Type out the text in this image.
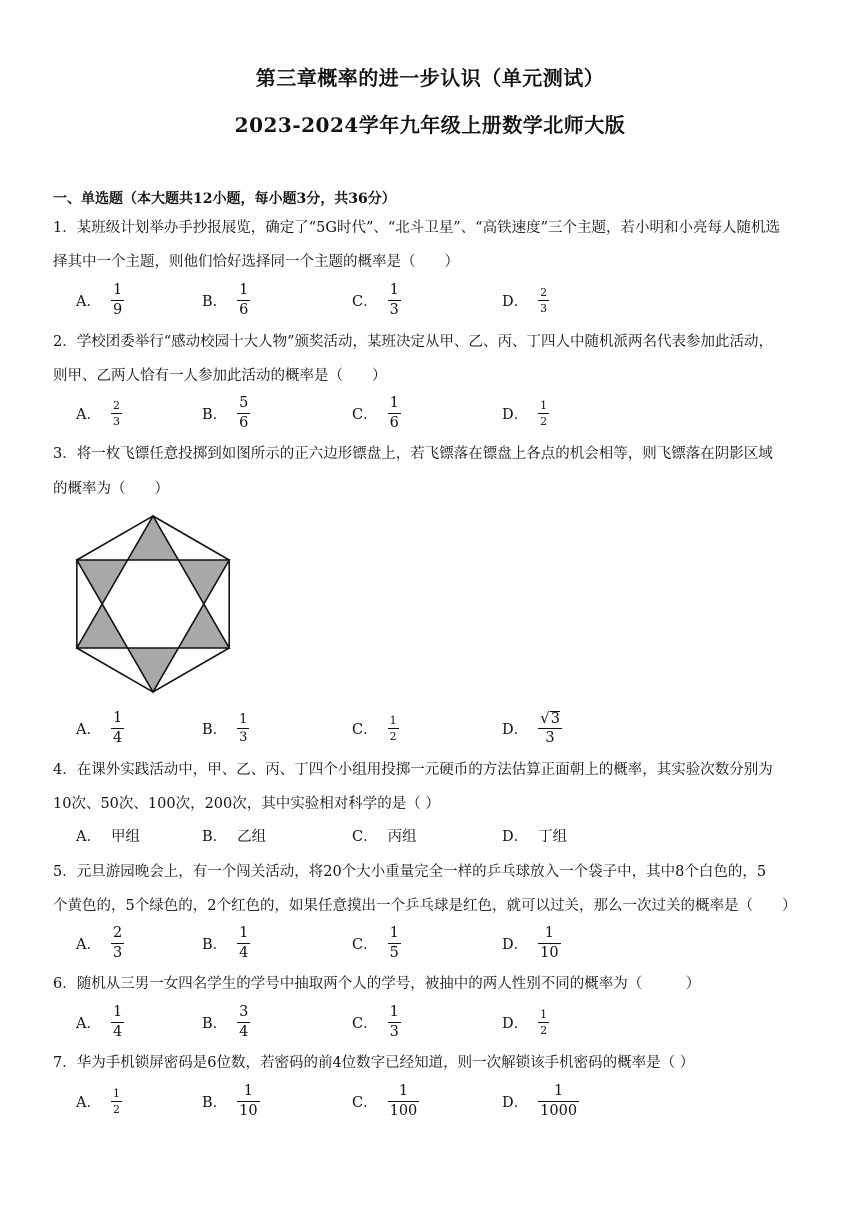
第三章概率的进一步认识（单元测试）
2023-2024学年九年级上册数学北师大版
一、单选题（本大题共12小题，每小题3分，共36分）
1．某班级计划举办手抄报展览，确定了“5G时代”、“北斗卫星”、“高铁速度”三个主题，若小明和小亮每人随机选
择其中一个主题，则他们恰好选择同一个主题的概率是（　　）
A． $\frac{1}{9}$	B． $\frac{1}{6}$	C． $\frac{1}{3}$	D． $\frac{2}{3}$
2．学校团委举行“感动校园十大人物”颁奖活动，某班决定从甲、乙、丙、丁四人中随机派两名代表参加此活动，
则甲、乙两人恰有一人参加此活动的概率是（　　）
A． $\frac{2}{3}$	B． $\frac{5}{6}$	C． $\frac{1}{6}$	D． $\frac{1}{2}$
3．将一枚飞镖任意投掷到如图所示的正六边形镖盘上，若飞镖落在镖盘上各点的机会相等，则飞镖落在阴影区域
的概率为（　　）
A． $\frac{1}{4}$	B． $\frac{1}{3}$	C． $\frac{1}{2}$	D． $\frac{√ 3}{3}$
4．在课外实践活动中，甲、乙、丙、丁四个小组用投掷一元硬币的方法估算正面朝上的概率，其实验次数分别为
10次、50次、100次，200次，其中实验相对科学的是（ ）
A． 甲组	B． 乙组	C． 丙组	D． 丁组
5．元旦游园晚会上，有一个闯关活动，将20个大小重量完全一样的乒乓球放入一个袋子中，其中8个白色的，5
个黄色的，5个绿色的，2个红色的，如果任意摸出一个乒乓球是红色，就可以过关，那么一次过关的概率是（　　）
A． $\frac{2}{3}$	B． $\frac{1}{4}$	C． $\frac{1}{5}$	D． $\frac{1}{10}$
6．随机从三男一女四名学生的学号中抽取两个人的学号，被抽中的两人性别不同的概率为（　　　）
A． $\frac{1}{4}$	B． $\frac{3}{4}$	C． $\frac{1}{3}$	D． $\frac{1}{2}$
7．华为手机锁屏密码是6位数，若密码的前4位数字已经知道，则一次解锁该手机密码的概率是（ ）
A． $\frac{1}{2}$	B． $\frac{1}{10}$	C． $\frac{1}{100}$	D． $\frac{1}{1000}$
